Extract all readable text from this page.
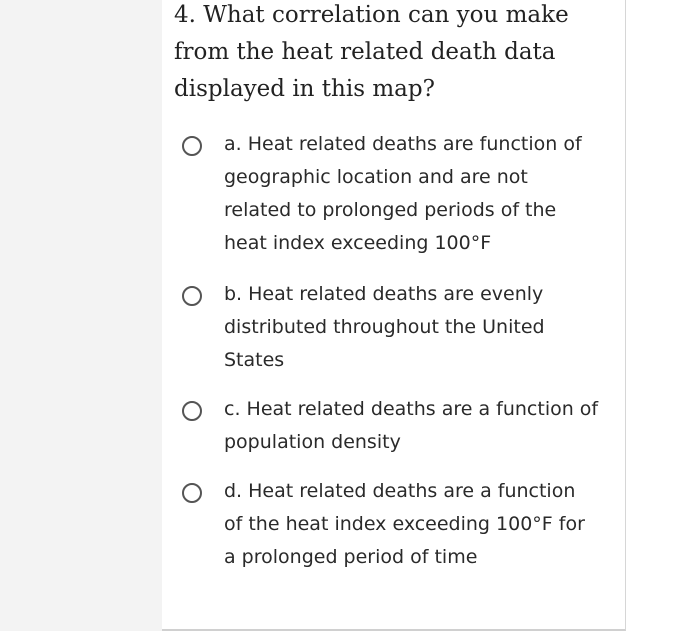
4. What correlation can you make from the heat related death data displayed in this map?

a. Heat related deaths are function of geographic location and are not related to prolonged periods of the heat index exceeding 100°F
b. Heat related deaths are evenly distributed throughout the United States
c. Heat related deaths are a function of population density
d. Heat related deaths are a function of the heat index exceeding 100°F for a prolonged period of time
